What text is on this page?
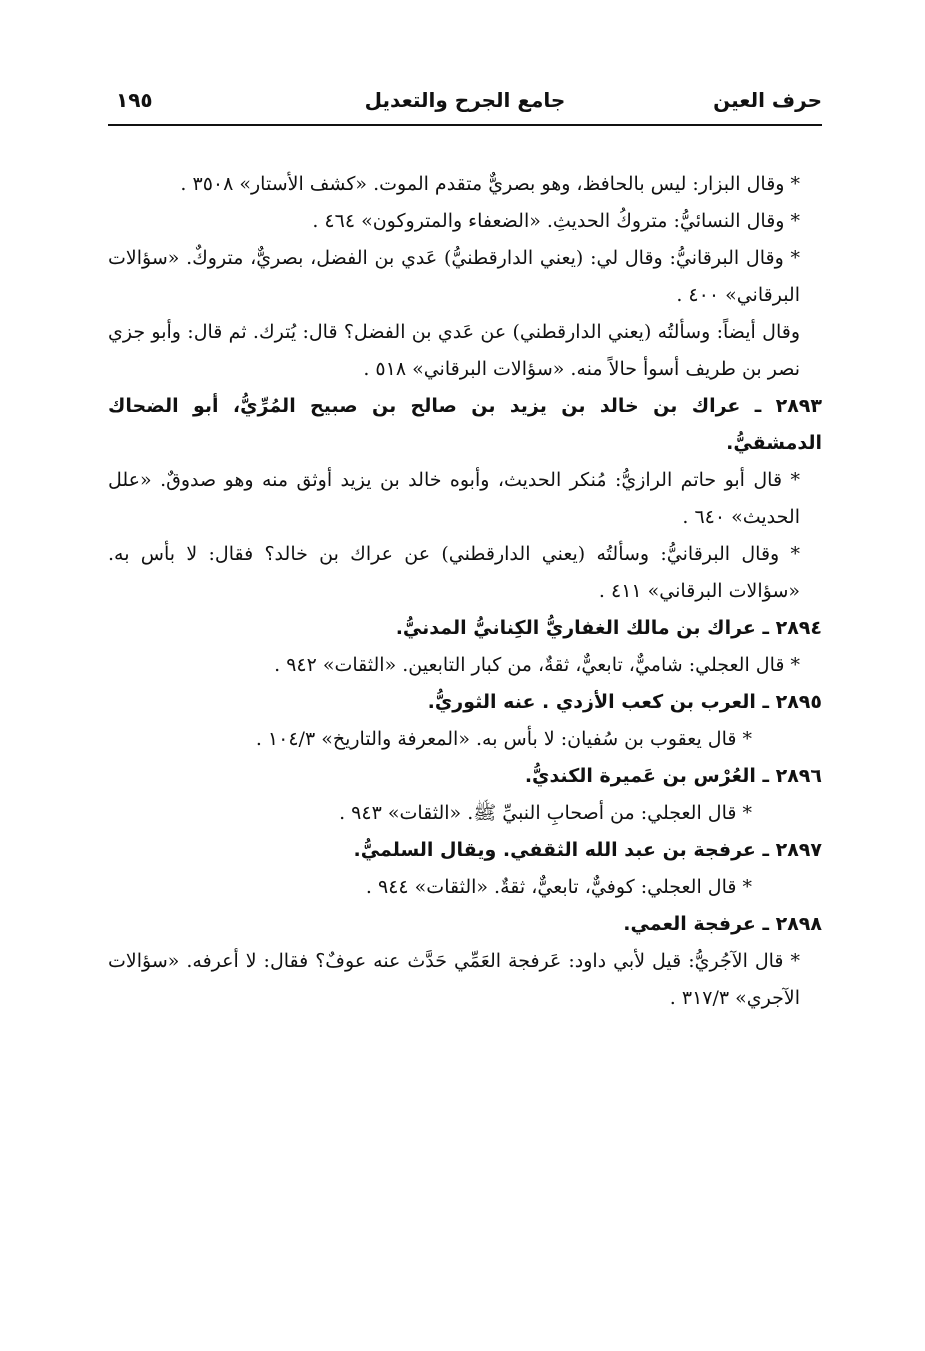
حرف العين
جامع الجرح والتعديل
١٩٥

* وقال البزار: ليس بالحافظ، وهو بصريٌّ متقدم الموت. «كشف الأستار» ٣٥٠٨ .

* وقال النسائيُّ: متروكُ الحديثِ. «الضعفاء والمتروكون» ٤٦٤ .

* وقال البرقانيُّ: وقال لي: (يعني الدارقطنيُّ) عَدي بن الفضل، بصريٌّ، متروكٌ. «سؤالات البرقاني» ٤٠٠ .

وقال أيضاً: وسألتُه (يعني الدارقطني) عن عَدي بن الفضل؟ قال: يُترك. ثم قال: وأبو جزي نصر بن طريف أسوأ حالاً منه. «سؤالات البرقاني» ٥١٨ .

٢٨٩٣ ـ عراك بن خالد بن يزيد بن صالح بن صبيح المُرِّيُّ، أبو الضحاك الدمشقيُّ.

* قال أبو حاتم الرازيُّ: مُنكر الحديث، وأبوه خالد بن يزيد أوثق منه وهو صدوقٌ. «علل الحديث» ٦٤٠ .

* وقال البرقانيُّ: وسألتُه (يعني الدارقطني) عن عراك بن خالد؟ فقال: لا بأس به. «سؤالات البرقاني» ٤١١ .

٢٨٩٤ ـ عراك بن مالك الغفاريُّ الكِنانيُّ المدنيُّ.

* قال العجلي: شاميٌّ، تابعيٌّ، ثقةٌ، من كبار التابعين. «الثقات» ٩٤٢ .

٢٨٩٥ ـ العرب بن كعب الأزدي . عنه الثوريُّ.

* قال يعقوب بن سُفيان: لا بأس به. «المعرفة والتاريخ» ١٠٤/٣ .

٢٨٩٦ ـ العُرْس بن عَميرة الكنديُّ.

* قال العجلي: من أصحابِ النبيِّ ﷺ. «الثقات» ٩٤٣ .

٢٨٩٧ ـ عرفجة بن عبد الله الثقفي. ويقال السلميُّ.

* قال العجلي: كوفيٌّ، تابعيٌّ، ثقةٌ. «الثقات» ٩٤٤ .

٢٨٩٨ ـ عرفجة العمي.

* قال الآجُريُّ: قيل لأبي داود: عَرفجة العَمِّي حَدَّث عنه عوفٌ؟ فقال: لا أعرفه. «سؤالات الآجري» ٣١٧/٣ .
